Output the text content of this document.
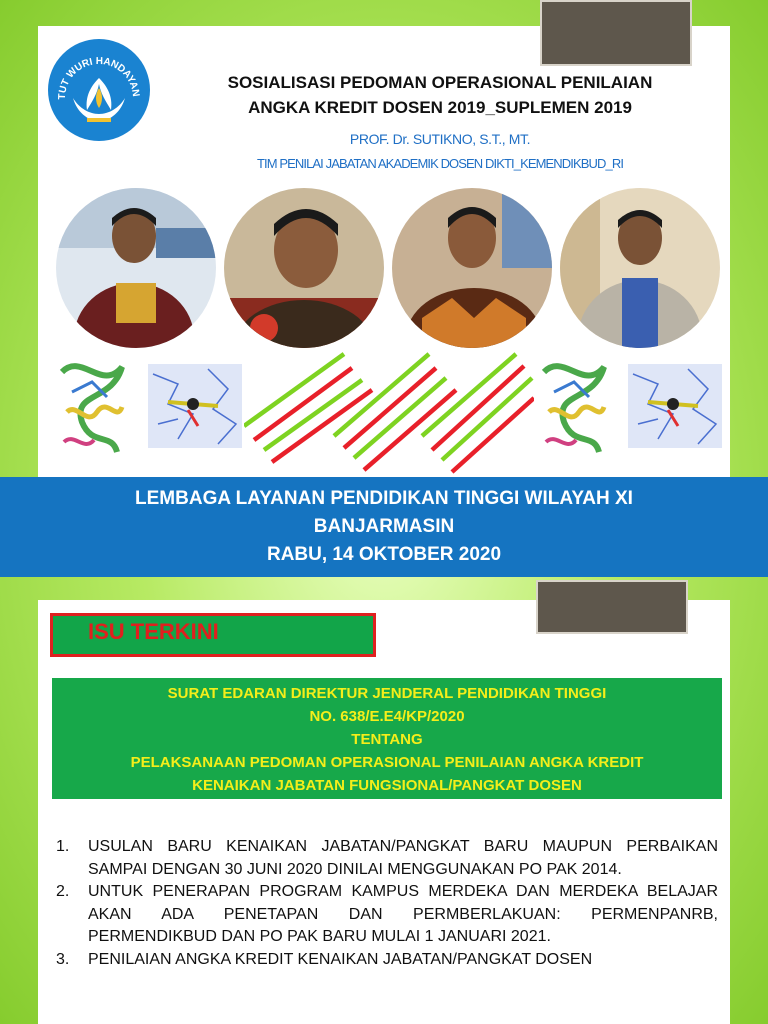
TUT WURI HANDAYAN
SOSIALISASI PEDOMAN OPERASIONAL PENILAIAN
ANGKA KREDIT DOSEN 2019_SUPLEMEN 2019
PROF. Dr. SUTIKNO, S.T., MT.
TIM PENILAI JABATAN AKADEMIK DOSEN DIKTI_KEMENDIKBUD_RI
LEMBAGA LAYANAN PENDIDIKAN TINGGI WILAYAH XI
BANJARMASIN
RABU, 14 OKTOBER 2020
ISU TERKINI
SURAT EDARAN DIREKTUR JENDERAL PENDIDIKAN TINGGI
NO. 638/E.E4/KP/2020
TENTANG
PELAKSANAAN PEDOMAN OPERASIONAL PENILAIAN ANGKA KREDIT
KENAIKAN JABATAN FUNGSIONAL/PANGKAT DOSEN
1. USULAN BARU KENAIKAN JABATAN/PANGKAT BARU MAUPUN PERBAIKAN SAMPAI DENGAN 30 JUNI 2020 DINILAI MENGGUNAKAN PO PAK 2014.
2. UNTUK PENERAPAN PROGRAM KAMPUS MERDEKA DAN MERDEKA BELAJAR AKAN ADA PENETAPAN DAN PERMBERLAKUAN: PERMENPANRB, PERMENDIKBUD DAN PO PAK BARU MULAI 1 JANUARI 2021.
3. PENILAIAN ANGKA KREDIT KENAIKAN JABATAN/PANGKAT DOSEN
